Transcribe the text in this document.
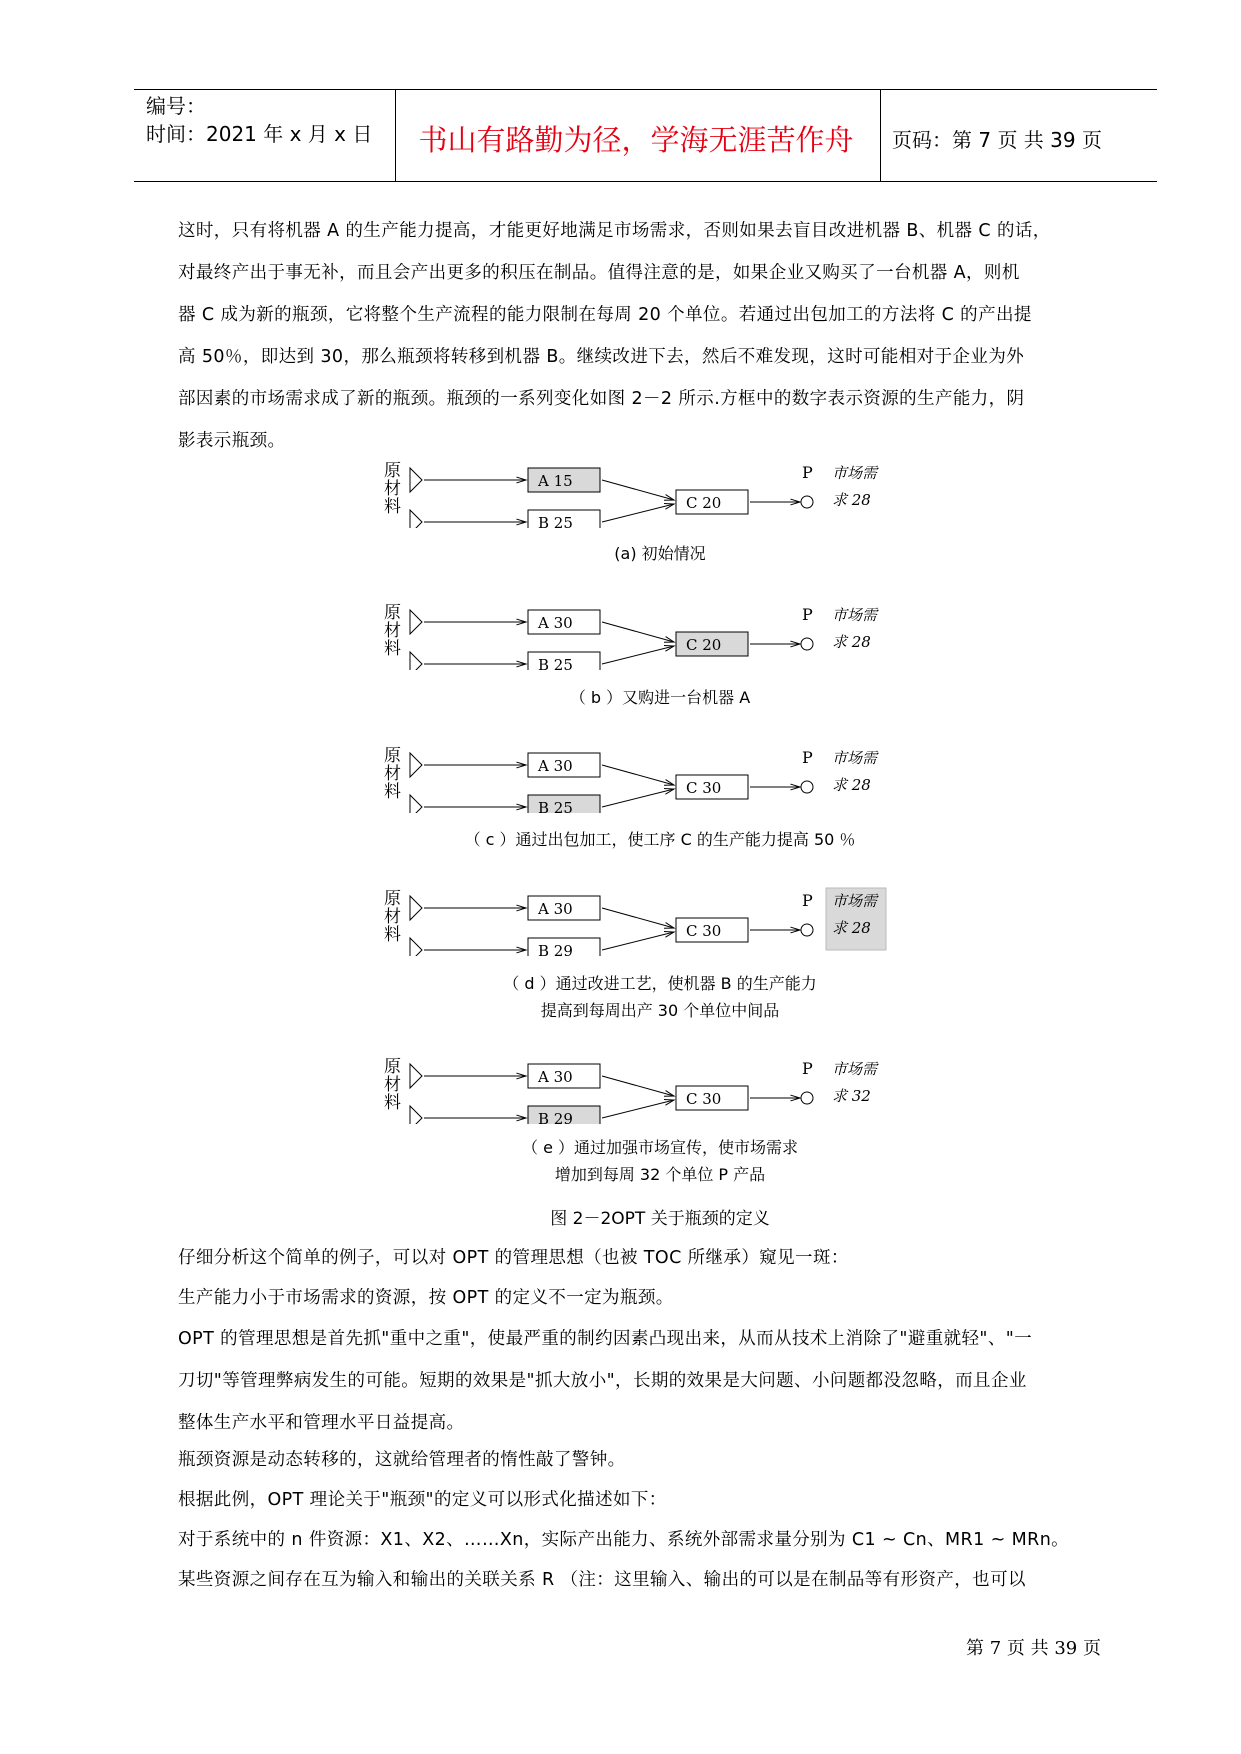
编号：
时间：2021 年 x 月 x 日	书山有路勤为径，学海无涯苦作舟	页码：第 7 页 共 39 页
这时，只有将机器 A 的生产能力提高，才能更好地满足市场需求，否则如果去盲目改进机器 B、机器 C 的话，
对最终产出于事无补，而且会产出更多的积压在制品。值得注意的是，如果企业又购买了一台机器 A，则机
器 C 成为新的瓶颈，它将整个生产流程的能力限制在每周 20 个单位。若通过出包加工的方法将 C 的产出提
高 50％，即达到 30，那么瓶颈将转移到机器 B。继续改进下去，然后不难发现，这时可能相对于企业为外
部因素的市场需求成了新的瓶颈。瓶颈的一系列变化如图 2－2 所示.方框中的数字表示资源的生产能力，阴
影表示瓶颈。
原
材
料
A 15
B 25
C 20
P 市场需
求 28
(a) 初始情况
原
材
料
A 30
B 25
C 20
P 市场需
求 28
（ b ）又购进一台机器 A
原
材
料
A 30
B 25
C 30
P 市场需
求 28
（ c ）通过出包加工，使工序 C 的生产能力提高 50 ％
原
材
料
A 30
B 29
C 30
P 市场需
求 28
（ d ）通过改进工艺，使机器 B 的生产能力
提高到每周出产 30 个单位中间品
原
材
料
A 30
B 29
C 30
P 市场需
求 32
（ e ）通过加强市场宣传，使市场需求
增加到每周 32 个单位 P 产品
图 2－2OPT 关于瓶颈的定义
仔细分析这个简单的例子，可以对 OPT 的管理思想（也被 TOC 所继承）窥见一斑：
生产能力小于市场需求的资源，按 OPT 的定义不一定为瓶颈。
OPT 的管理思想是首先抓"重中之重"，使最严重的制约因素凸现出来，从而从技术上消除了"避重就轻"、"一
刀切"等管理弊病发生的可能。短期的效果是"抓大放小"，长期的效果是大问题、小问题都没忽略，而且企业
整体生产水平和管理水平日益提高。
瓶颈资源是动态转移的，这就给管理者的惰性敲了警钟。
根据此例，OPT 理论关于"瓶颈"的定义可以形式化描述如下：
对于系统中的 n 件资源：X1、X2、……Xn，实际产出能力、系统外部需求量分别为 C1 ~ Cn、MR1 ~ MRn。
某些资源之间存在互为输入和输出的关联关系 R （注：这里输入、输出的可以是在制品等有形资产，也可以
第 7 页 共 39 页
